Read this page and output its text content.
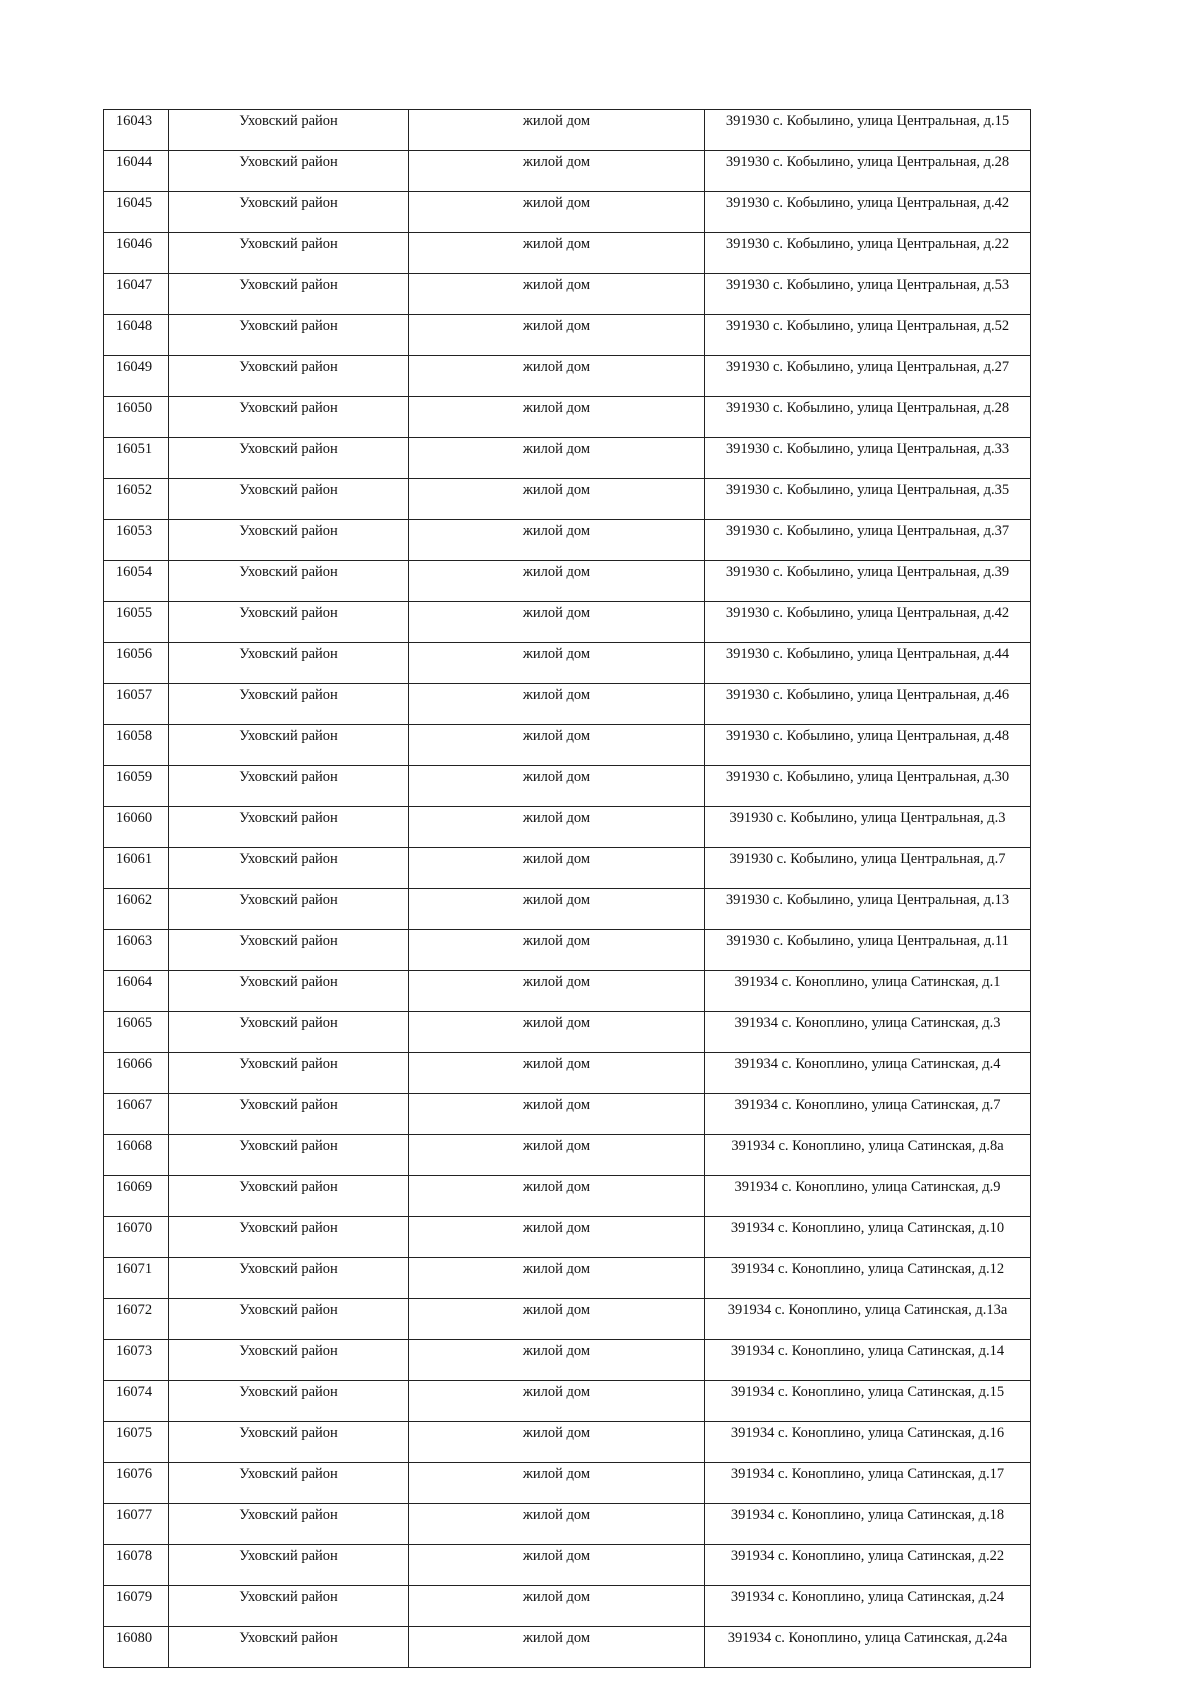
16043	Уховский район	жилой дом	391930 с. Кобылино, улица Центральная, д.15
16044	Уховский район	жилой дом	391930 с. Кобылино, улица Центральная, д.28
16045	Уховский район	жилой дом	391930 с. Кобылино, улица Центральная, д.42
16046	Уховский район	жилой дом	391930 с. Кобылино, улица Центральная, д.22
16047	Уховский район	жилой дом	391930 с. Кобылино, улица Центральная, д.53
16048	Уховский район	жилой дом	391930 с. Кобылино, улица Центральная, д.52
16049	Уховский район	жилой дом	391930 с. Кобылино, улица Центральная, д.27
16050	Уховский район	жилой дом	391930 с. Кобылино, улица Центральная, д.28
16051	Уховский район	жилой дом	391930 с. Кобылино, улица Центральная, д.33
16052	Уховский район	жилой дом	391930 с. Кобылино, улица Центральная, д.35
16053	Уховский район	жилой дом	391930 с. Кобылино, улица Центральная, д.37
16054	Уховский район	жилой дом	391930 с. Кобылино, улица Центральная, д.39
16055	Уховский район	жилой дом	391930 с. Кобылино, улица Центральная, д.42
16056	Уховский район	жилой дом	391930 с. Кобылино, улица Центральная, д.44
16057	Уховский район	жилой дом	391930 с. Кобылино, улица Центральная, д.46
16058	Уховский район	жилой дом	391930 с. Кобылино, улица Центральная, д.48
16059	Уховский район	жилой дом	391930 с. Кобылино, улица Центральная, д.30
16060	Уховский район	жилой дом	391930 с. Кобылино, улица Центральная, д.3
16061	Уховский район	жилой дом	391930 с. Кобылино, улица Центральная, д.7
16062	Уховский район	жилой дом	391930 с. Кобылино, улица Центральная, д.13
16063	Уховский район	жилой дом	391930 с. Кобылино, улица Центральная, д.11
16064	Уховский район	жилой дом	391934 с. Коноплино, улица Сатинская, д.1
16065	Уховский район	жилой дом	391934 с. Коноплино, улица Сатинская, д.3
16066	Уховский район	жилой дом	391934 с. Коноплино, улица Сатинская, д.4
16067	Уховский район	жилой дом	391934 с. Коноплино, улица Сатинская, д.7
16068	Уховский район	жилой дом	391934 с. Коноплино, улица Сатинская, д.8а
16069	Уховский район	жилой дом	391934 с. Коноплино, улица Сатинская, д.9
16070	Уховский район	жилой дом	391934 с. Коноплино, улица Сатинская, д.10
16071	Уховский район	жилой дом	391934 с. Коноплино, улица Сатинская, д.12
16072	Уховский район	жилой дом	391934 с. Коноплино, улица Сатинская, д.13а
16073	Уховский район	жилой дом	391934 с. Коноплино, улица Сатинская, д.14
16074	Уховский район	жилой дом	391934 с. Коноплино, улица Сатинская, д.15
16075	Уховский район	жилой дом	391934 с. Коноплино, улица Сатинская, д.16
16076	Уховский район	жилой дом	391934 с. Коноплино, улица Сатинская, д.17
16077	Уховский район	жилой дом	391934 с. Коноплино, улица Сатинская, д.18
16078	Уховский район	жилой дом	391934 с. Коноплино, улица Сатинская, д.22
16079	Уховский район	жилой дом	391934 с. Коноплино, улица Сатинская, д.24
16080	Уховский район	жилой дом	391934 с. Коноплино, улица Сатинская, д.24а
